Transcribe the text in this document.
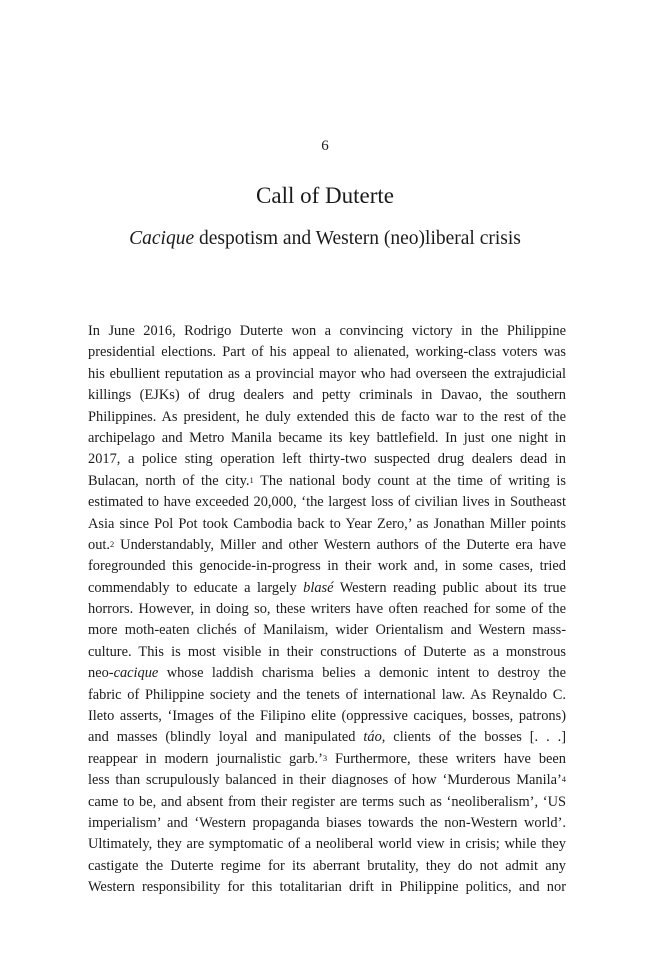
6
Call of Duterte
Cacique despotism and Western (neo)liberal crisis
In June 2016, Rodrigo Duterte won a convincing victory in the Philippine
presidential elections. Part of his appeal to alienated, working-class voters was
his ebullient reputation as a provincial mayor who had overseen the extrajudicial
killings (EJKs) of drug dealers and petty criminals in Davao, the southern
Philippines. As president, he duly extended this de facto war to the rest of the
archipelago and Metro Manila became its key battlefield. In just one night in
2017, a police sting operation left thirty-two suspected drug dealers dead in
Bulacan, north of the city.$^1$ The national body count at the time of writing is
estimated to have exceeded 20,000, ‘the largest loss of civilian lives in Southeast
Asia since Pol Pot took Cambodia back to Year Zero,’ as Jonathan Miller points
out.$^2$ Understandably, Miller and other Western authors of the Duterte era have
foregrounded this genocide-in-progress in their work and, in some cases, tried
commendably to educate a largely blasé Western reading public about its true
horrors. However, in doing so, these writers have often reached for some of the
more moth-eaten clichés of Manilaism, wider Orientalism and Western mass-
culture. This is most visible in their constructions of Duterte as a monstrous
neo-cacique whose laddish charisma belies a demonic intent to destroy the
fabric of Philippine society and the tenets of international law. As Reynaldo C.
Ileto asserts, ‘Images of the Filipino elite (oppressive caciques, bosses, patrons)
and masses (blindly loyal and manipulated táo, clients of the bosses [. . .]
reappear in modern journalistic garb.’$^3$ Furthermore, these writers have been
less than scrupulously balanced in their diagnoses of how ‘Murderous Manila’$^4$
came to be, and absent from their register are terms such as ‘neoliberalism’, ‘US
imperialism’ and ‘Western propaganda biases towards the non-Western world’.
Ultimately, they are symptomatic of a neoliberal world view in crisis; while they
castigate the Duterte regime for its aberrant brutality, they do not admit any
Western responsibility for this totalitarian drift in Philippine politics, and nor
